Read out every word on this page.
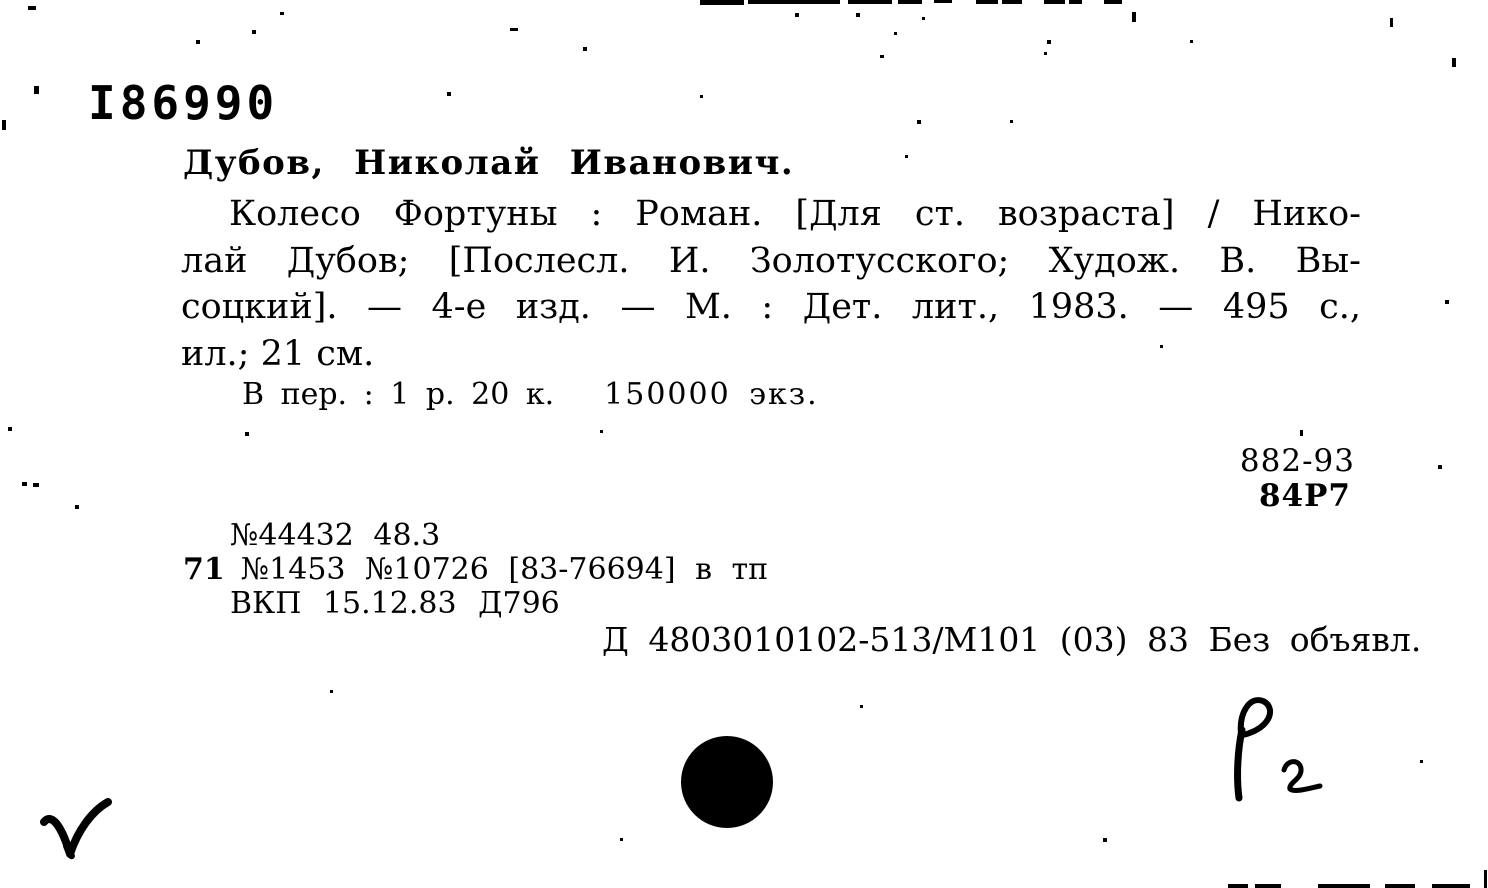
I86990
Дубов, Николай Иванович.
Колесо Фортуны : Роман. [Для ст. возраста] / Нико-
лай Дубов; [Послесл. И. Золотусского; Худож. В. Вы-
соцкий]. — 4-е изд. — М. : Дет. лит., 1983. — 495 с.,
ил.; 21 см.
В пер. : 1 р. 20 к. 150000 экз.
882-93
84Р7
№44432 48.3
71 №1453 №10726 [83-76694] в тп
ВКП 15.12.83 Д796
Д 4803010102-513/М101 (03) 83 Без объявл.
